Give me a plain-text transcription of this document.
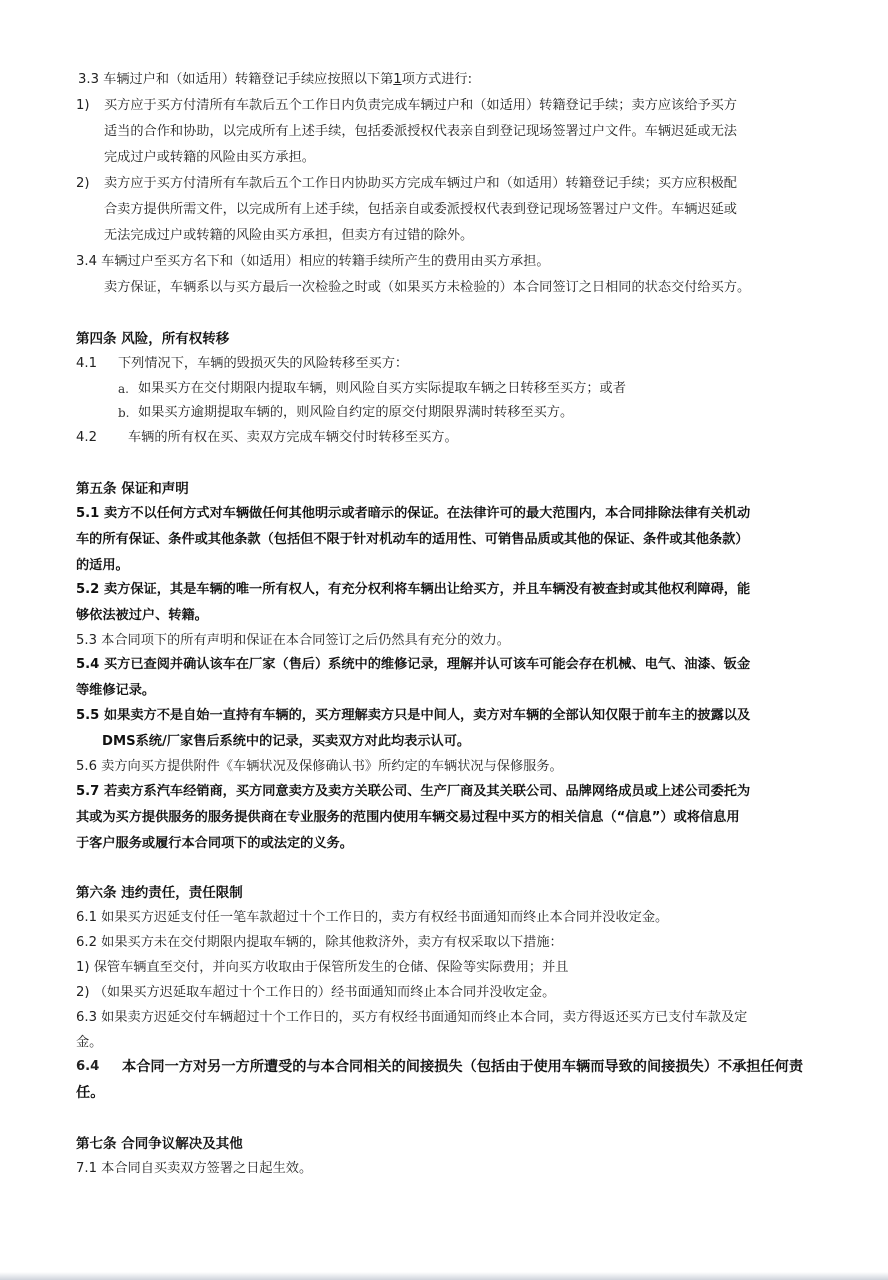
3.3 车辆过户和（如适用）转籍登记手续应按照以下第1项方式进行:
1) 买方应于买方付清所有车款后五个工作日内负责完成车辆过户和（如适用）转籍登记手续；卖方应该给予买方
适当的合作和协助，以完成所有上述手续，包括委派授权代表亲自到登记现场签署过户文件。车辆迟延或无法
完成过户或转籍的风险由买方承担。
2) 卖方应于买方付清所有车款后五个工作日内协助买方完成车辆过户和（如适用）转籍登记手续；买方应积极配
合卖方提供所需文件，以完成所有上述手续，包括亲自或委派授权代表到登记现场签署过户文件。车辆迟延或
无法完成过户或转籍的风险由买方承担，但卖方有过错的除外。
3.4 车辆过户至买方名下和（如适用）相应的转籍手续所产生的费用由买方承担。
卖方保证，车辆系以与买方最后一次检验之时或（如果买方未检验的）本合同签订之日相同的状态交付给买方。
第四条 风险，所有权转移
4.1 下列情况下，车辆的毁损灭失的风险转移至买方：
a. 如果买方在交付期限内提取车辆，则风险自买方实际提取车辆之日转移至买方；或者
b. 如果买方逾期提取车辆的，则风险自约定的原交付期限界满时转移至买方。
4.2 车辆的所有权在买、卖双方完成车辆交付时转移至买方。
第五条 保证和声明
5.1 卖方不以任何方式对车辆做任何其他明示或者暗示的保证。在法律许可的最大范围内，本合同排除法律有关机动
车的所有保证、条件或其他条款（包括但不限于针对机动车的适用性、可销售品质或其他的保证、条件或其他条款）
的适用。
5.2 卖方保证，其是车辆的唯一所有权人，有充分权利将车辆出让给买方，并且车辆没有被查封或其他权利障碍，能
够依法被过户、转籍。
5.3 本合同项下的所有声明和保证在本合同签订之后仍然具有充分的效力。
5.4 买方已查阅并确认该车在厂家（售后）系统中的维修记录，理解并认可该车可能会存在机械、电气、油漆、钣金
等维修记录。
5.5 如果卖方不是自始一直持有车辆的，买方理解卖方只是中间人，卖方对车辆的全部认知仅限于前车主的披露以及
DMS系统/厂家售后系统中的记录，买卖双方对此均表示认可。
5.6 卖方向买方提供附件《车辆状况及保修确认书》所约定的车辆状况与保修服务。
5.7 若卖方系汽车经销商，买方同意卖方及卖方关联公司、生产厂商及其关联公司、品牌网络成员或上述公司委托为
其或为买方提供服务的服务提供商在专业服务的范围内使用车辆交易过程中买方的相关信息（“信息”）或将信息用
于客户服务或履行本合同项下的或法定的义务。
第六条 违约责任，责任限制
6.1 如果买方迟延支付任一笔车款超过十个工作日的，卖方有权经书面通知而终止本合同并没收定金。
6.2 如果买方未在交付期限内提取车辆的，除其他救济外，卖方有权采取以下措施：
1) 保管车辆直至交付，并向买方收取由于保管所发生的仓储、保险等实际费用；并且
2) （如果买方迟延取车超过十个工作日的）经书面通知而终止本合同并没收定金。
6.3 如果卖方迟延交付车辆超过十个工作日的，买方有权经书面通知而终止本合同，卖方得返还买方已支付车款及定
金。
6.4 本合同一方对另一方所遭受的与本合同相关的间接损失（包括由于使用车辆而导致的间接损失）不承担任何责
任。
第七条 合同争议解决及其他
7.1 本合同自买卖双方签署之日起生效。
